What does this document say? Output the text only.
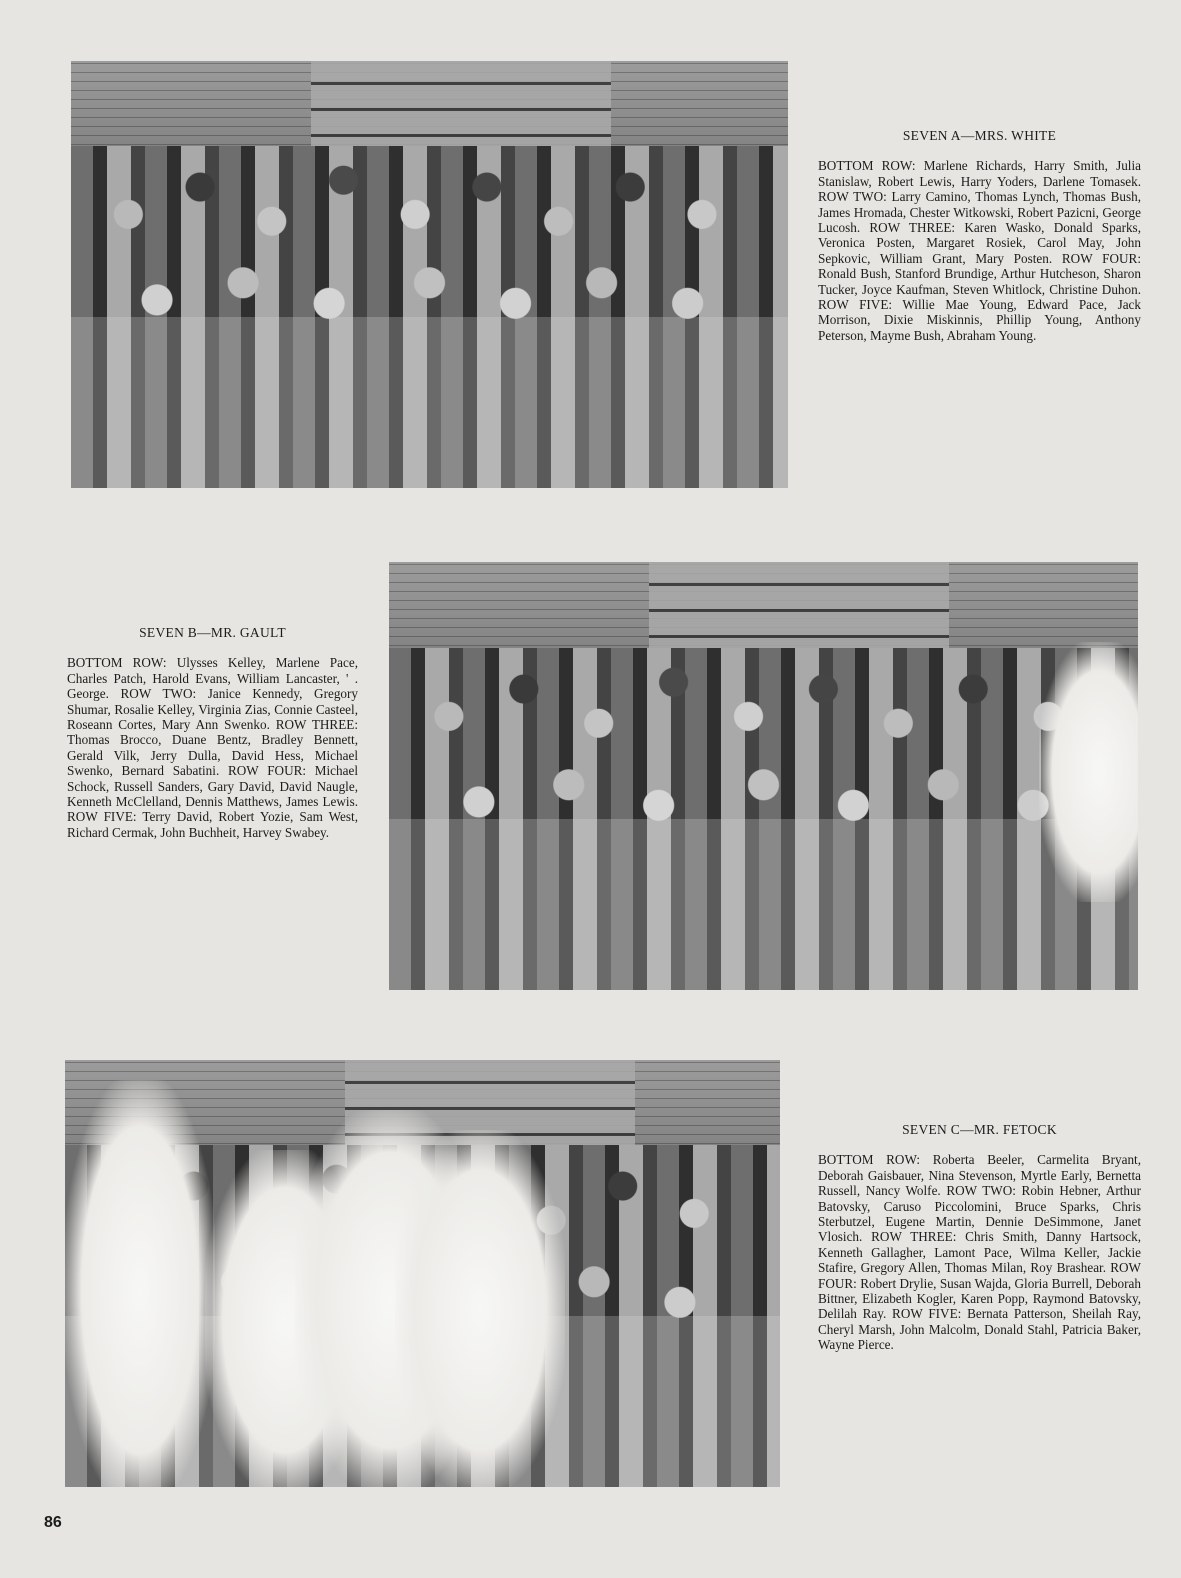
SEVEN A—MRS. WHITE
BOTTOM ROW: Marlene Richards, Harry Smith, Julia Stanislaw, Robert Lewis, Harry Yoders, Darlene Tomasek. ROW TWO: Larry Camino, Thomas Lynch, Thomas Bush, James Hromada, Chester Witkowski, Robert Pazicni, George Lucosh. ROW THREE: Karen Wasko, Donald Sparks, Veronica Posten, Margaret Rosiek, Carol May, John Sepkovic, William Grant, Mary Posten. ROW FOUR: Ronald Bush, Stanford Brundige, Arthur Hutcheson, Sharon Tucker, Joyce Kaufman, Steven Whitlock, Christine Duhon. ROW FIVE: Willie Mae Young, Edward Pace, Jack Morrison, Dixie Miskinnis, Phillip Young, Anthony Peterson, Mayme Bush, Abraham Young.
SEVEN B—MR. GAULT
BOTTOM ROW: Ulysses Kelley, Marlene Pace, Charles Patch, Harold Evans, William Lancaster, ' . George. ROW TWO: Janice Kennedy, Gregory Shumar, Rosalie Kelley, Virginia Zias, Connie Casteel, Roseann Cortes, Mary Ann Swenko. ROW THREE: Thomas Brocco, Duane Bentz, Bradley Bennett, Gerald Vilk, Jerry Dulla, David Hess, Michael Swenko, Bernard Sabatini. ROW FOUR: Michael Schock, Russell Sanders, Gary David, David Naugle, Kenneth McClelland, Dennis Matthews, James Lewis. ROW FIVE: Terry David, Robert Yozie, Sam West, Richard Cermak, John Buchheit, Harvey Swabey.
SEVEN C—MR. FETOCK
BOTTOM ROW: Roberta Beeler, Carmelita Bryant, Deborah Gaisbauer, Nina Stevenson, Myrtle Early, Bernetta Russell, Nancy Wolfe. ROW TWO: Robin Hebner, Arthur Batovsky, Caruso Piccolomini, Bruce Sparks, Chris Sterbutzel, Eugene Martin, Dennie DeSimmone, Janet Vlosich. ROW THREE: Chris Smith, Danny Hartsock, Kenneth Gallagher, Lamont Pace, Wilma Keller, Jackie Stafire, Gregory Allen, Thomas Milan, Roy Brashear. ROW FOUR: Robert Drylie, Susan Wajda, Gloria Burrell, Deborah Bittner, Elizabeth Kogler, Karen Popp, Raymond Batovsky, Delilah Ray. ROW FIVE: Bernata Patterson, Sheilah Ray, Cheryl Marsh, John Malcolm, Donald Stahl, Patricia Baker, Wayne Pierce.
86
